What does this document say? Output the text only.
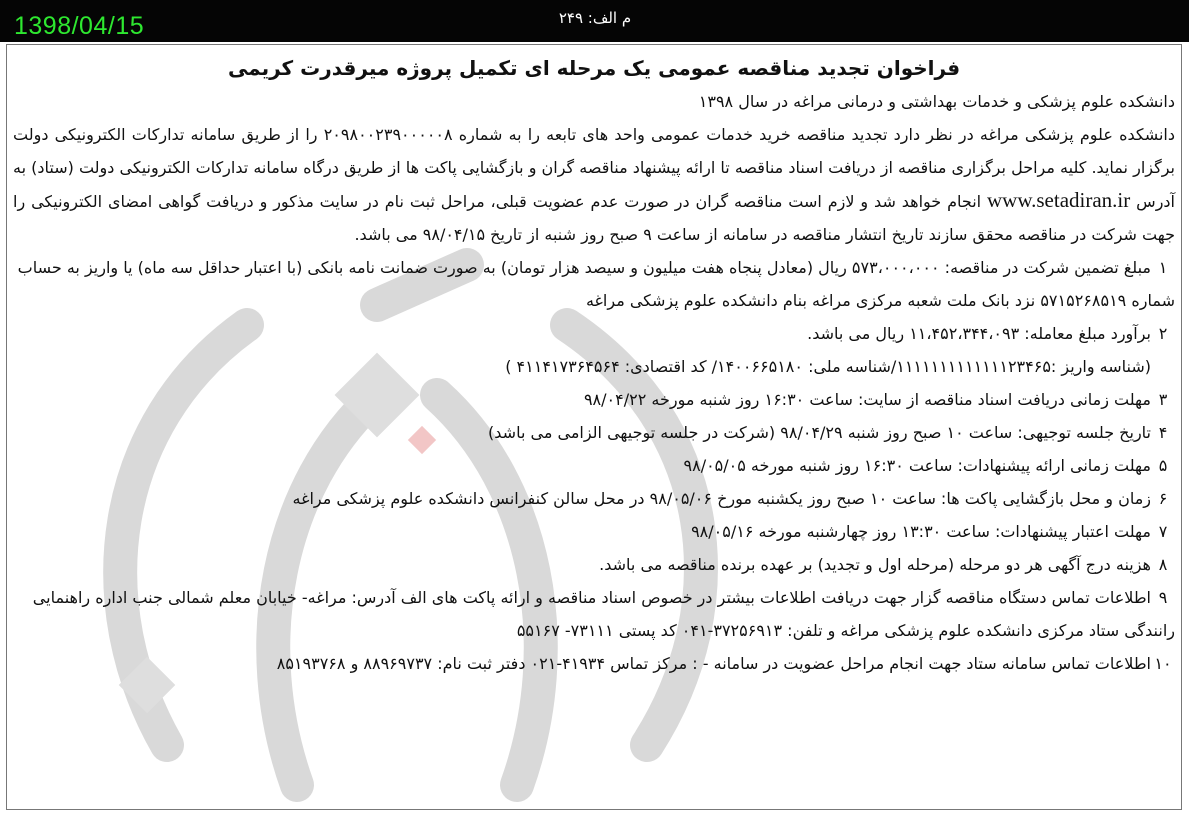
1398/04/15	م الف: ۲۴۹
فراخوان تجدید مناقصه عمومی یک مرحله ای تکمیل پروژه میرقدرت کریمی
دانشکده علوم پزشکی و خدمات بهداشتی و درمانی مراغه در سال ۱۳۹۸
دانشکده علوم پزشکی مراغه در نظر دارد تجدید مناقصه خرید خدمات عمومی واحد های تابعه را به شماره ۲۰۹۸۰۰۲۳۹۰۰۰۰۰۸ را از طریق سامانه تدارکات الکترونیکی دولت برگزار نماید. کلیه مراحل برگزاری مناقصه از دریافت اسناد مناقصه تا ارائه پیشنهاد مناقصه گران و بازگشایی پاکت ها از طریق درگاه سامانه تدارکات الکترونیکی دولت (ستاد) به آدرس www.setadiran.ir انجام خواهد شد و لازم است مناقصه گران در صورت عدم عضویت قبلی، مراحل ثبت نام در سایت مذکور و دریافت گواهی امضای الکترونیکی را جهت شرکت در مناقصه محقق سازند تاریخ انتشار مناقصه در سامانه از ساعت ۹ صبح روز شنبه از تاریخ ۹۸/۰۴/۱۵ می باشد.
۱مبلغ تضمین شرکت در مناقصه: ۵۷۳،۰۰۰،۰۰۰ ریال (معادل پنجاه هفت میلیون و سیصد هزار تومان) به صورت ضمانت نامه بانکی (با اعتبار حداقل سه ماه) یا واریز به حساب شماره ۵۷۱۵۲۶۸۵۱۹ نزد بانک ملت شعبه مرکزی مراغه بنام دانشکده علوم پزشکی مراغه
۲برآورد مبلغ معامله: ۱۱،۴۵۲،۳۴۴،۰۹۳ ریال می باشد.
(شناسه واریز :۱۱۱۱۱۱۱۱۱۱۱۱۱۲۳۴۶۵/شناسه ملی: ۱۴۰۰۶۶۵۱۸۰/ کد اقتصادی: ۴۱۱۴۱۷۳۶۴۵۶۴ )
۳مهلت زمانی دریافت اسناد مناقصه از سایت: ساعت ۱۶:۳۰ روز شنبه مورخه ۹۸/۰۴/۲۲
۴تاریخ جلسه توجیهی: ساعت ۱۰ صبح روز شنبه ۹۸/۰۴/۲۹ (شرکت در جلسه توجیهی الزامی می باشد)
۵مهلت زمانی ارائه پیشنهادات: ساعت ۱۶:۳۰ روز شنبه مورخه ۹۸/۰۵/۰۵
۶زمان و محل بازگشایی پاکت ها: ساعت ۱۰ صبح روز یکشنبه مورخ ۹۸/۰۵/۰۶ در محل سالن کنفرانس دانشکده علوم پزشکی مراغه
۷مهلت اعتبار پیشنهادات: ساعت ۱۳:۳۰ روز چهارشنبه مورخه ۹۸/۰۵/۱۶
۸هزینه درج آگهی هر دو مرحله (مرحله اول و تجدید) بر عهده برنده مناقصه می باشد.
۹اطلاعات تماس دستگاه مناقصه گزار جهت دریافت اطلاعات بیشتر در خصوص اسناد مناقصه و ارائه پاکت های الف آدرس: مراغه- خیابان معلم شمالی جنب اداره راهنمایی رانندگی ستاد مرکزی دانشکده علوم پزشکی مراغه و تلفن: ۳۷۲۵۶۹۱۳-۰۴۱ کد پستی ۷۳۱۱۱- ۵۵۱۶۷
۱۰اطلاعات تماس سامانه ستاد جهت انجام مراحل عضویت در سامانه - : مرکز تماس ۴۱۹۳۴-۰۲۱ دفتر ثبت نام: ۸۸۹۶۹۷۳۷ و ۸۵۱۹۳۷۶۸
